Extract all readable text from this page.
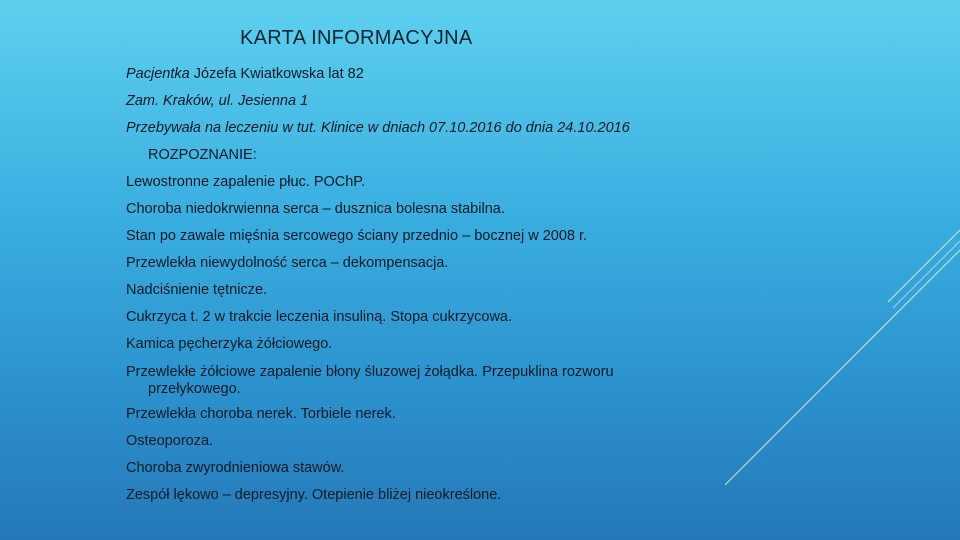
KARTA INFORMACYJNA
Pacjentka Józefa Kwiatkowska lat 82
Zam. Kraków, ul. Jesienna 1
Przebywała na leczeniu w tut. Klinice w dniach 07.10.2016 do dnia 24.10.2016
ROZPOZNANIE:
Lewostronne zapalenie płuc. POChP.
Choroba niedokrwienna serca – dusznica bolesna stabilna.
Stan po zawale mięśnia sercowego ściany przednio – bocznej w 2008 r.
Przewlekła niewydolność serca – dekompensacja.
Nadciśnienie tętnicze.
Cukrzyca t. 2 w trakcie leczenia insuliną. Stopa cukrzycowa.
Kamica pęcherzyka żółciowego.
Przewlekłe żółciowe zapalenie błony śluzowej żołądka. Przepuklina rozworu
przełykowego.
Przewlekła choroba nerek. Torbiele nerek.
Osteoporoza.
Choroba zwyrodnieniowa stawów.
Zespół lękowo – depresyjny. Otepienie bliżej nieokreślone.
